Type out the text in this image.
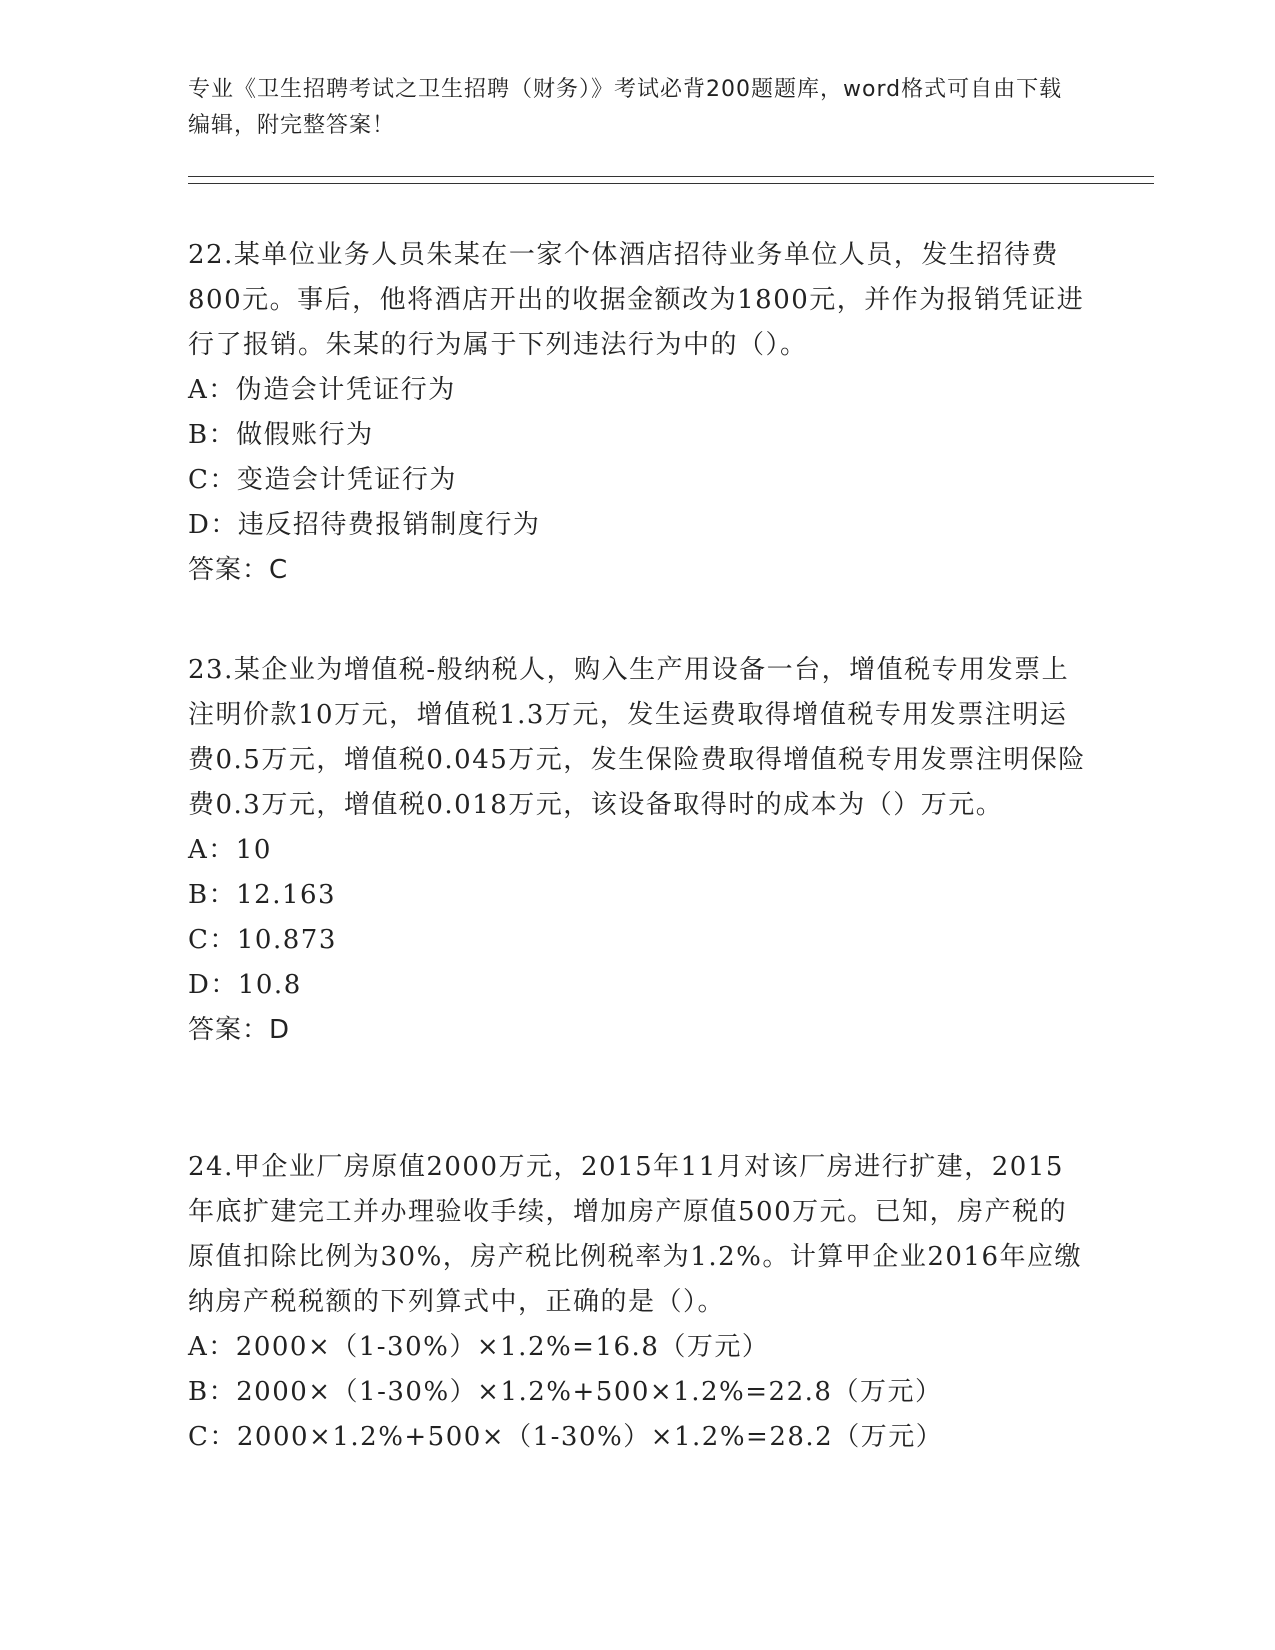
专业《卫生招聘考试之卫生招聘（财务）》考试必背200题题库，word格式可自由下载编辑，附完整答案！

22.某单位业务人员朱某在一家个体酒店招待业务单位人员，发生招待费800元。事后，他将酒店开出的收据金额改为1800元，并作为报销凭证进行了报销。朱某的行为属于下列违法行为中的（）。

A：伪造会计凭证行为

B：做假账行为

C：变造会计凭证行为

D：违反招待费报销制度行为

答案：C

23.某企业为增值税-般纳税人，购入生产用设备一台，增值税专用发票上注明价款10万元，增值税1.3万元，发生运费取得增值税专用发票注明运费0.5万元，增值税0.045万元，发生保险费取得增值税专用发票注明保险费0.3万元，增值税0.018万元，该设备取得时的成本为（）万元。

A：10

B：12.163

C：10.873

D：10.8

答案：D

24.甲企业厂房原值2000万元，2015年11月对该厂房进行扩建，2015年底扩建完工并办理验收手续，增加房产原值500万元。已知，房产税的原值扣除比例为30%，房产税比例税率为1.2%。计算甲企业2016年应缴纳房产税税额的下列算式中，正确的是（）。

A：2000×（1-30%）×1.2%=16.8（万元）

B：2000×（1-30%）×1.2%+500×1.2%=22.8（万元）

C：2000×1.2%+500×（1-30%）×1.2%=28.2（万元）
